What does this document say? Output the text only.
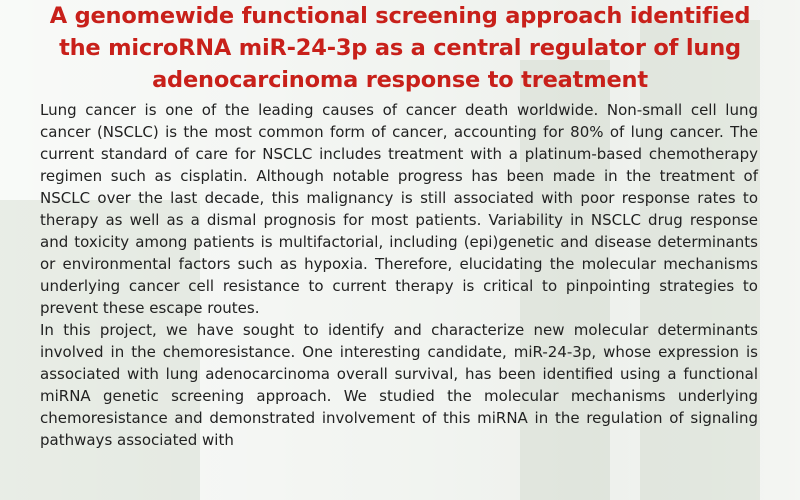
A genomewide functional screening approach identified the microRNA miR-24-3p as a central regulator of lung adenocarcinoma response to treatment

Lung cancer is one of the leading causes of cancer death worldwide. Non-small cell lung cancer (NSCLC) is the most common form of cancer, accounting for 80% of lung cancer. The current standard of care for NSCLC includes treatment with a platinum-based chemotherapy regimen such as cisplatin. Although notable progress has been made in the treatment of NSCLC over the last decade, this malignancy is still associated with poor response rates to therapy as well as a dismal prognosis for most patients. Variability in NSCLC drug response and toxicity among patients is multifactorial, including (epi)genetic and disease determinants or environmental factors such as hypoxia. Therefore, elucidating the molecular mechanisms underlying cancer cell resistance to current therapy is critical to pinpointing strategies to prevent these escape routes.

In this project, we have sought to identify and characterize new molecular determinants involved in the chemoresistance. One interesting candidate, miR-24-3p, whose expression is associated with lung adenocarcinoma overall survival, has been identified using a functional miRNA genetic screening approach. We studied the molecular mechanisms underlying chemoresistance and demonstrated involvement of this miRNA in the regulation of signaling pathways associated with
